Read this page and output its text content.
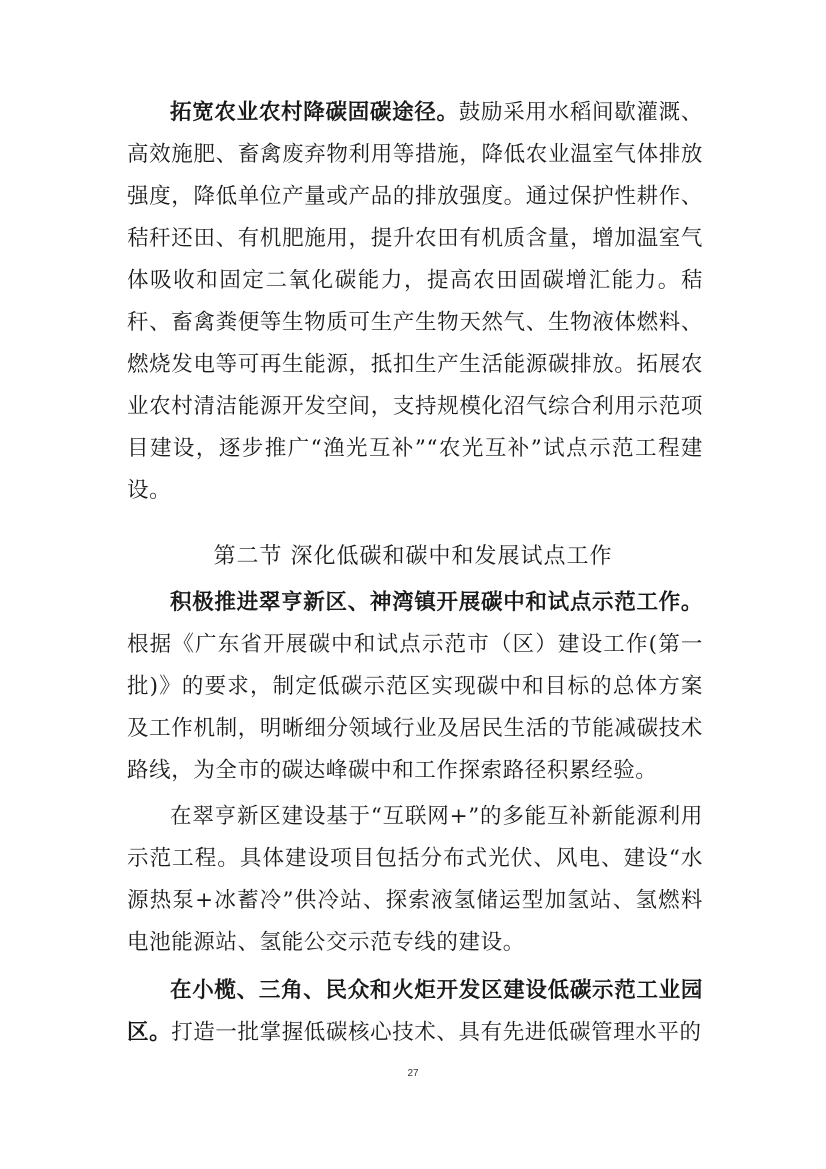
拓宽农业农村降碳固碳途径。鼓励采用水稻间歇灌溉、高效施肥、畜禽废弃物利用等措施，降低农业温室气体排放强度，降低单位产量或产品的排放强度。通过保护性耕作、秸秆还田、有机肥施用，提升农田有机质含量，增加温室气体吸收和固定二氧化碳能力，提高农田固碳增汇能力。秸秆、畜禽粪便等生物质可生产生物天然气、生物液体燃料、燃烧发电等可再生能源，抵扣生产生活能源碳排放。拓展农业农村清洁能源开发空间，支持规模化沼气综合利用示范项目建设，逐步推广“渔光互补”“农光互补”试点示范工程建设。

第二节 深化低碳和碳中和发展试点工作

积极推进翠亨新区、神湾镇开展碳中和试点示范工作。根据《广东省开展碳中和试点示范市（区）建设工作(第一批)》的要求，制定低碳示范区实现碳中和目标的总体方案及工作机制，明晰细分领域行业及居民生活的节能减碳技术路线，为全市的碳达峰碳中和工作探索路径积累经验。

在翠亨新区建设基于“互联网+”的多能互补新能源利用示范工程。具体建设项目包括分布式光伏、风电、建设“水源热泵+冰蓄冷”供冷站、探索液氢储运型加氢站、氢燃料电池能源站、氢能公交示范专线的建设。

在小榄、三角、民众和火炬开发区建设低碳示范工业园区。打造一批掌握低碳核心技术、具有先进低碳管理水平的

27
